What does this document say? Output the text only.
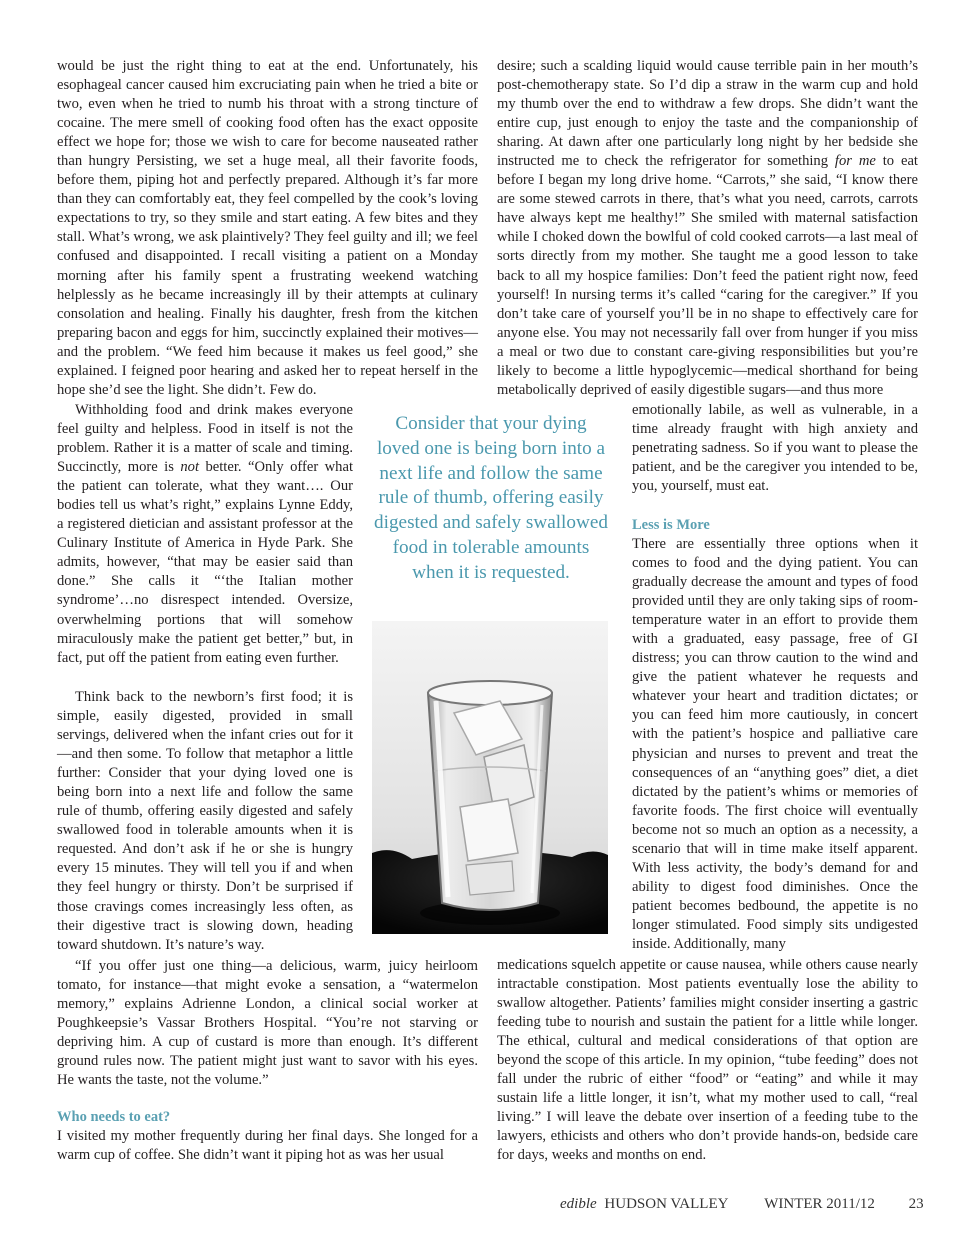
would be just the right thing to eat at the end. Unfortunately, his esophageal cancer caused him excruciating pain when he tried a bite or two, even when he tried to numb his throat with a strong tincture of cocaine. The mere smell of cooking food often has the exact opposite effect we hope for; those we wish to care for become nauseated rather than hungry Persisting, we set a huge meal, all their favorite foods, before them, piping hot and perfectly prepared. Although it’s far more than they can comfortably eat, they feel compelled by the cook’s loving expectations to try, so they smile and start eating. A few bites and they stall. What’s wrong, we ask plaintively? They feel guilty and ill; we feel confused and disappointed. I recall visiting a patient on a Monday morning after his family spent a frustrating weekend watching helplessly as he became increasingly ill by their attempts at culinary consolation and healing. Finally his daughter, fresh from the kitchen preparing bacon and eggs for him, succinctly explained their motives—and the problem. “We feed him because it makes us feel good,” she explained. I feigned poor hearing and asked her to repeat herself in the hope she’d see the light. She didn’t. Few do.

Withholding food and drink makes everyone feel guilty and helpless. Food in itself is not the problem. Rather it is a matter of scale and timing. Succinctly, more is not better. “Only offer what the patient can tolerate, what they want…. Our bodies tell us what’s right,” explains Lynne Eddy, a registered dietician and assistant professor at the Culinary Institute of America in Hyde Park. She admits, however, “that may be easier said than done.” She calls it “‘the Italian mother syndrome’…no disrespect intended. Oversize, overwhelming portions that will somehow miraculously make the patient get better,” but, in fact, put off the patient from eating even further.

Think back to the newborn’s first food; it is simple, easily digested, provided in small servings, delivered when the infant cries out for it—and then some. To follow that metaphor a little further: Consider that your dying loved one is being born into a next life and follow the same rule of thumb, offering easily digested and safely swallowed food in tolerable amounts when it is requested. And don’t ask if he or she is hungry every 15 minutes. They will tell you if and when they feel hungry or thirsty. Don’t be surprised if those cravings comes increasingly less often, as their digestive tract is slowing down, heading toward shutdown. It’s nature’s way.

“If you offer just one thing—a delicious, warm, juicy heirloom tomato, for instance—that might evoke a sensation, a “watermelon memory,” explains Adrienne London, a clinical social worker at Poughkeepsie’s Vassar Brothers Hospital. “You’re not starving or depriving him. A cup of custard is more than enough. It’s different ground rules now. The patient might just want to savor with his eyes. He wants the taste, not the volume.”

Who needs to eat?

I visited my mother frequently during her final days. She longed for a warm cup of coffee. She didn’t want it piping hot as was her usual

Consider that your dying loved one is being born into a next life and follow the same rule of thumb, offering easily digested and safely swallowed food in tolerable amounts when it is requested.

desire; such a scalding liquid would cause terrible pain in her mouth’s post-chemotherapy state. So I’d dip a straw in the warm cup and hold my thumb over the end to withdraw a few drops. She didn’t want the entire cup, just enough to enjoy the taste and the companionship of sharing. At dawn after one particularly long night by her bedside she instructed me to check the refrigerator for something for me to eat before I began my long drive home. “Carrots,” she said, “I know there are some stewed carrots in there, that’s what you need, carrots, carrots have always kept me healthy!” She smiled with maternal satisfaction while I choked down the bowlful of cold cooked carrots—a last meal of sorts directly from my mother. She taught me a good lesson to take back to all my hospice families: Don’t feed the patient right now, feed yourself! In nursing terms it’s called “caring for the caregiver.” If you don’t take care of yourself you’ll be in no shape to effectively care for anyone else. You may not necessarily fall over from hunger if you miss a meal or two due to constant care-giving responsibilities but you’re likely to become a little hypoglycemic—medical shorthand for being metabolically deprived of easily digestible sugars—and thus more

emotionally labile, as well as vulnerable, in a time already fraught with high anxiety and penetrating sadness. So if you want to please the patient, and be the caregiver you intended to be, you, yourself, must eat.

Less is More

There are essentially three options when it comes to food and the dying patient. You can gradually decrease the amount and types of food provided until they are only taking sips of room-temperature water in an effort to provide them with a graduated, easy passage, free of GI distress; you can throw caution to the wind and give the patient whatever he requests and whatever your heart and tradition dictates; or you can feed him more cautiously, in concert with the patient’s hospice and palliative care physician and nurses to prevent and treat the consequences of an “anything goes” diet, a diet dictated by the patient’s whims or memories of favorite foods. The first choice will eventually become not so much an option as a necessity, a scenario that will in time make itself apparent. With less activity, the body’s demand for and ability to digest food diminishes. Once the patient becomes bedbound, the appetite is no longer stimulated. Food simply sits undigested inside. Additionally, many

medications squelch appetite or cause nausea, while others cause nearly intractable constipation. Most patients eventually lose the ability to swallow altogether. Patients’ families might consider inserting a gastric feeding tube to nourish and sustain the patient for a little while longer. The ethical, cultural and medical considerations of that option are beyond the scope of this article. In my opinion, “tube feeding” does not fall under the rubric of either “food” or “eating” and while it may sustain life a little longer, it isn’t, what my mother used to call, “real living.” I will leave the debate over insertion of a feeding tube to the lawyers, ethicists and others who don’t provide hands-on, bedside care for days, weeks and months on end.

edible HUDSON VALLEY WINTER 2011/12 23
